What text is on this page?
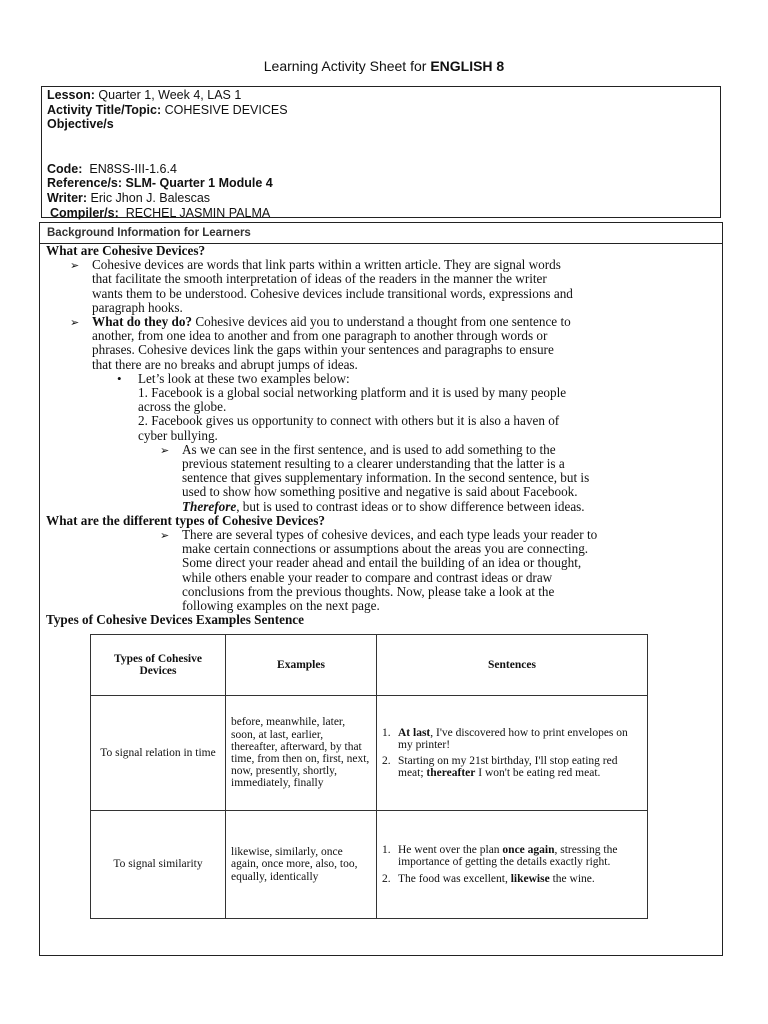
Learning Activity Sheet for ENGLISH 8
Lesson: Quarter 1, Week 4, LAS 1
Activity Title/Topic: COHESIVE DEVICES
Objective/s
Code:  EN8SS-III-1.6.4
Reference/s: SLM- Quarter 1 Module 4
Writer: Eric Jhon J. Balescas
Compiler/s:  RECHEL JASMIN PALMA
Background Information for Learners
What are Cohesive Devices?
➢ Cohesive devices are words that link parts within a written article. They are signal words
that facilitate the smooth interpretation of ideas of the readers in the manner the writer
wants them to be understood. Cohesive devices include transitional words, expressions and
paragraph hooks.
➢ What do they do? Cohesive devices aid you to understand a thought from one sentence to
another, from one idea to another and from one paragraph to another through words or
phrases. Cohesive devices link the gaps within your sentences and paragraphs to ensure
that there are no breaks and abrupt jumps of ideas.
• Let’s look at these two examples below:
1. Facebook is a global social networking platform and it is used by many people
across the globe.
2. Facebook gives us opportunity to connect with others but it is also a haven of
cyber bullying.
➢ As we can see in the first sentence, and is used to add something to the
previous statement resulting to a clearer understanding that the latter is a
sentence that gives supplementary information. In the second sentence, but is
used to show how something positive and negative is said about Facebook.
Therefore, but is used to contrast ideas or to show difference between ideas.
What are the different types of Cohesive Devices?
➢ There are several types of cohesive devices, and each type leads your reader to
make certain connections or assumptions about the areas you are connecting.
Some direct your reader ahead and entail the building of an idea or thought,
while others enable your reader to compare and contrast ideas or draw
conclusions from the previous thoughts. Now, please take a look at the
following examples on the next page.
Types of Cohesive Devices Examples Sentence
Types of Cohesive Devices	Examples	Sentences
To signal relation in time	before, meanwhile, later, soon, at last, earlier, thereafter, afterward, by that time, from then on, first, next, now, presently, shortly, immediately, finally	1. At last, I've discovered how to print envelopes on my printer!
2. Starting on my 21st birthday, I'll stop eating red meat; thereafter I won't be eating red meat.

To signal similarity	likewise, similarly, once again, once more, also, too, equally, identically	1. He went over the plan once again, stressing the importance of getting the details exactly right.
2. The food was excellent, likewise the wine.
